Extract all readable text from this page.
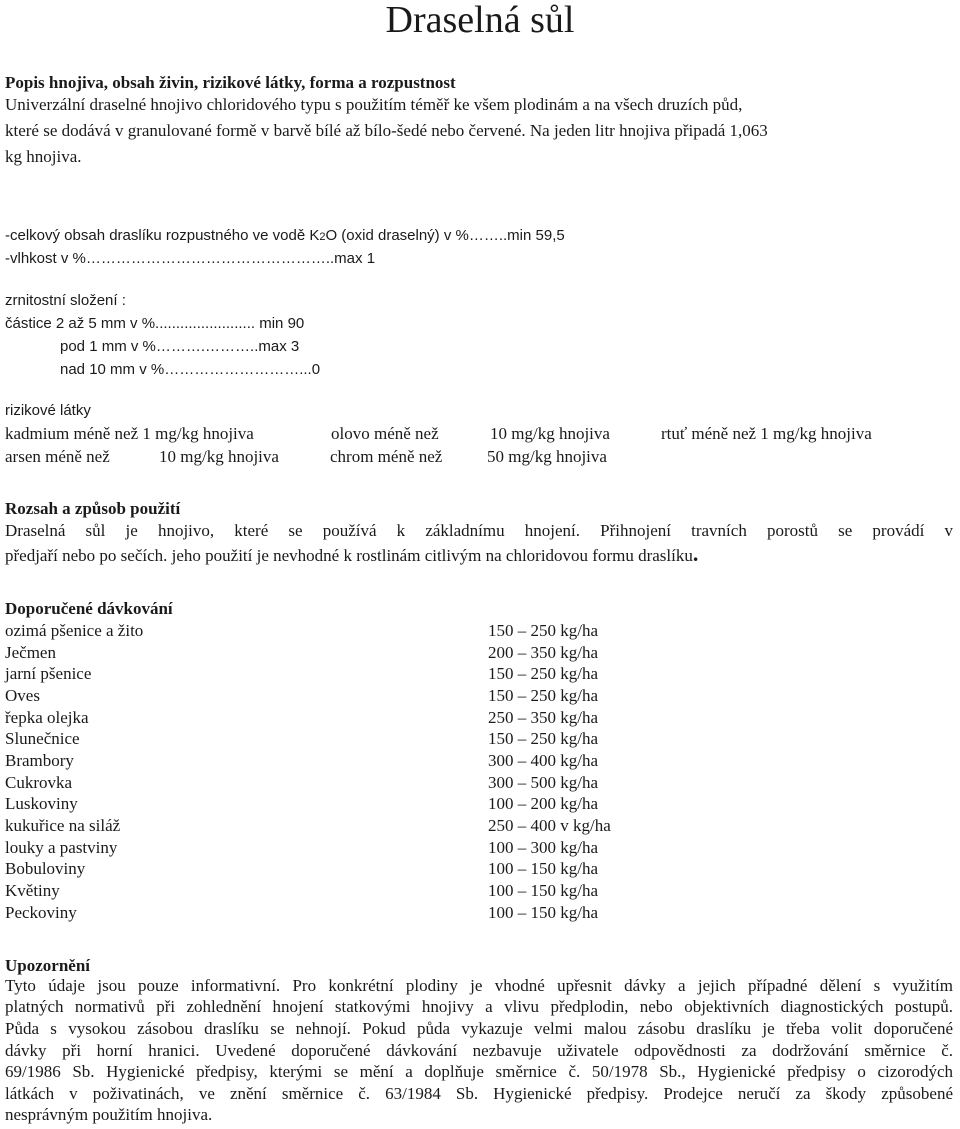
Draselná sůl
Popis hnojiva, obsah živin, rizikové látky, forma a rozpustnost
Univerzální draselné hnojivo chloridového typu s použitím téměř ke všem plodinám a na všech druzích půd,
které se dodává v granulované formě v barvě bílé až bílo-šedé nebo červené. Na jeden litr hnojiva připadá 1,063
kg hnojiva.
-celkový obsah draslíku rozpustného ve vodě K2O (oxid draselný) v %……..min 59,5
-vlhkost v %…………………………………………..max 1
zrnitostní složení :
částice 2 až 5 mm v %........................ min 90
pod 1 mm v %……….………..max 3
nad 10 mm v %………………………...0
rizikové látky
kadmium méně než 1 mg/kg hnojiva	olovo méně než	10 mg/kg hnojiva	rtuť méně než 1 mg/kg hnojiva
arsen méně než	10 mg/kg hnojiva	chrom méně než	50 mg/kg hnojiva
Rozsah a způsob použití
Draselná sůl je hnojivo, které se používá k základnímu hnojení. Přihnojení travních porostů se provádí v
předjaří nebo po sečích. jeho použití je nevhodné k rostlinám citlivým na chloridovou formu draslíku.
Doporučené dávkování
ozimá pšenice a žito	150 – 250 kg/ha
Ječmen	200 – 350 kg/ha
jarní pšenice	150 – 250 kg/ha
Oves	150 – 250 kg/ha
řepka olejka	250 – 350 kg/ha
Slunečnice	150 – 250 kg/ha
Brambory	300 – 400 kg/ha
Cukrovka	300 – 500 kg/ha
Luskoviny	100 – 200 kg/ha
kukuřice na siláž	250 – 400 v kg/ha
louky a pastviny	100 – 300 kg/ha
Bobuloviny	100 – 150 kg/ha
Květiny	100 – 150 kg/ha
Peckoviny	100 – 150 kg/ha
Upozornění
Tyto údaje jsou pouze informativní. Pro konkrétní plodiny je vhodné upřesnit dávky a jejich případné dělení s využitím
platných normativů při zohlednění hnojení statkovými hnojivy a vlivu předplodin, nebo objektivních diagnostických postupů.
Půda s vysokou zásobou draslíku se nehnojí. Pokud půda vykazuje velmi malou zásobu draslíku je třeba volit doporučené
dávky při horní hranici. Uvedené doporučené dávkování nezbavuje uživatele odpovědnosti za dodržování směrnice č.
69/1986 Sb. Hygienické předpisy, kterými se mění a doplňuje směrnice č. 50/1978 Sb., Hygienické předpisy o cizorodých
látkách v poživatinách, ve znění směrnice č. 63/1984 Sb. Hygienické předpisy. Prodejce neručí za škody způsobené
nesprávným použitím hnojiva.
